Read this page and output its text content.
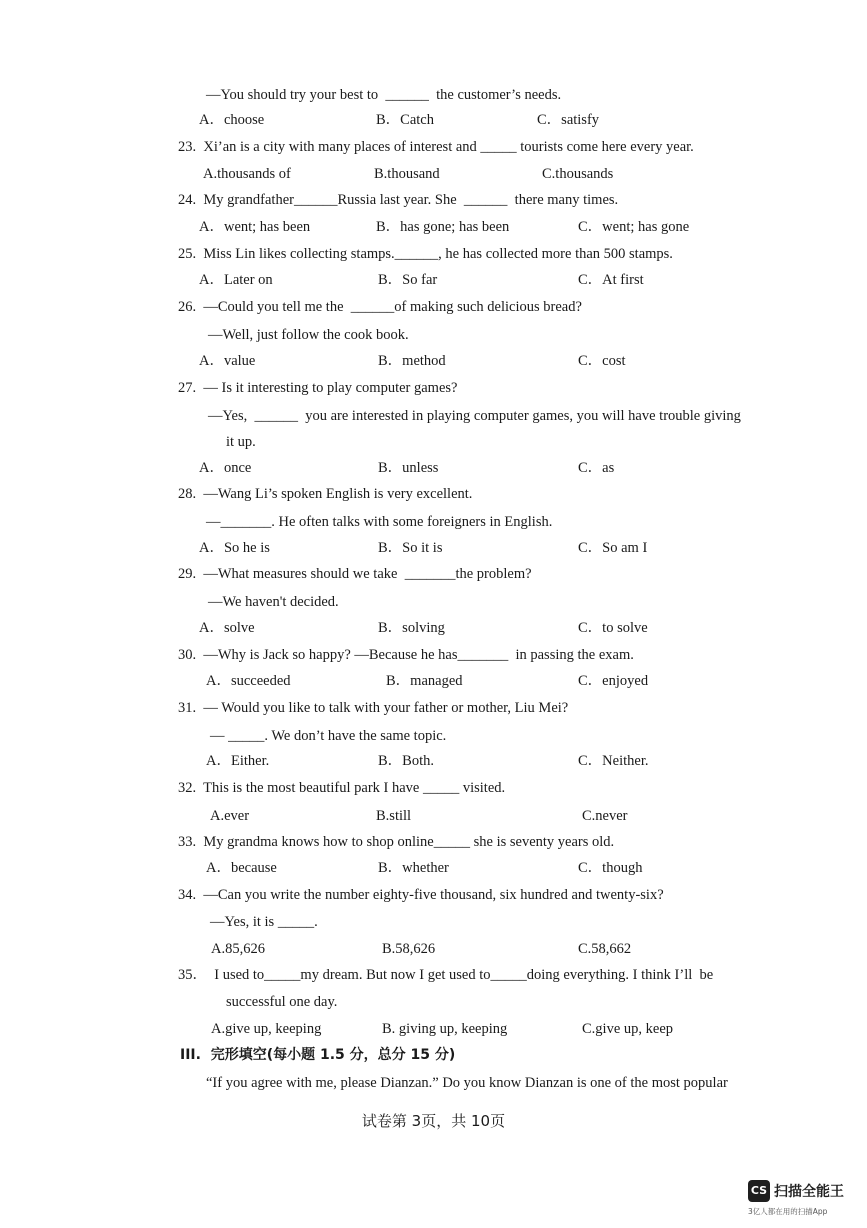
—You should try your best to  ______  the customer’s needs.
A．choose	B．Catch	C．satisfy
23.  Xi’an is a city with many places of interest and _____ tourists come here every year.
A.thousands of	B.thousand	C.thousands
24.  My grandfather______Russia last year. She  ______  there many times.
A．went; has been	B．has gone; has been	C．went; has gone
25.  Miss Lin likes collecting stamps.______, he has collected more than 500 stamps.
A．Later on	B．So far	C．At first
26.  —Could you tell me the  ______of making such delicious bread?
—Well, just follow the cook book.
A．value	B．method	C．cost
27.  — Is it interesting to play computer games?
—Yes,  ______  you are interested in playing computer games, you will have trouble giving
it up.
A．once	B．unless	C．as
28.  —Wang Li’s spoken English is very excellent.
—_______. He often talks with some foreigners in English.
A．So he is	B．So it is	C．So am I
29.  —What measures should we take  _______the problem?
—We haven't decided.
A．solve	B．solving	C．to solve
30.  —Why is Jack so happy? —Because he has_______  in passing the exam.
A．succeeded	B．managed	C．enjoyed
31.  — Would you like to talk with your father or mother, Liu Mei?
— _____. We don’t have the same topic.
A．Either.	B．Both.	C．Neither.
32.  This is the most beautiful park I have _____ visited.
A.ever	B.still	C.never
33.  My grandma knows how to shop online_____ she is seventy years old.
A．because	B．whether	C．though
34.  —Can you write the number eighty-five thousand, six hundred and twenty-six?
—Yes, it is _____.
A.85,626	B.58,626	C.58,662
35．  I used to_____my dream. But now I get used to_____doing everything. I think I’ll  be
successful one day.
A.give up, keeping	B. giving up, keeping	C.give up, keep
III.  完形填空(每小题 1.5 分，总分 15 分)
“If you agree with me, please Dianzan.” Do you know Dianzan is one of the most popular
试卷第 3页，共 10页
CS 扫描全能王
3亿人都在用的扫描App
